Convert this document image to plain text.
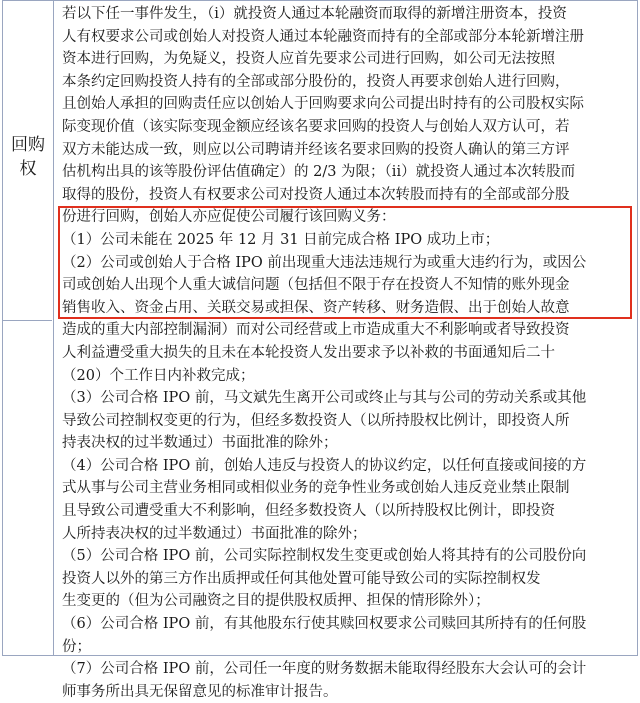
回购
权

若以下任一事件发生，（i）就投资人通过本轮融资而取得的新增注册资本，投资

人有权要求公司或创始人对投资人通过本轮融资而持有的全部或部分本轮新增注册

资本进行回购，为免疑义，投资人应首先要求公司进行回购，如公司无法按照

本条约定回购投资人持有的全部或部分股份的，投资人再要求创始人进行回购，

且创始人承担的回购责任应以创始人于回购要求向公司提出时持有的公司股权实际

际变现价值（该实际变现金额应经该名要求回购的投资人与创始人双方认可，若

双方未能达成一致，则应以公司聘请并经该名要求回购的投资人确认的第三方评

估机构出具的该等股份评估值确定）的 2/3 为限；（ii）就投资人通过本次转股而

取得的股份，投资人有权要求公司对投资人通过本次转股而持有的全部或部分股

份进行回购，创始人亦应促使公司履行该回购义务：

（1）公司未能在 2025 年 12 月 31 日前完成合格 IPO 成功上市；

（2）公司或创始人于合格 IPO 前出现重大违法违规行为或重大违约行为，或因公

司或创始人出现个人重大诚信问题（包括但不限于存在投资人不知情的账外现金

销售收入、资金占用、关联交易或担保、资产转移、财务造假、出于创始人故意

造成的重大内部控制漏洞）而对公司经营或上市造成重大不利影响或者导致投资

人利益遭受重大损失的且未在本轮投资人发出要求予以补救的书面通知后二十

（20）个工作日内补救完成；

（3）公司合格 IPO 前，马文斌先生离开公司或终止与其与公司的劳动关系或其他

导致公司控制权变更的行为，但经多数投资人（以所持股权比例计，即投资人所

持表决权的过半数通过）书面批准的除外；

（4）公司合格 IPO 前，创始人违反与投资人的协议约定，以任何直接或间接的方

式从事与公司主营业务相同或相似业务的竞争性业务或创始人违反竞业禁止限制

且导致公司遭受重大不利影响，但经多数投资人（以所持股权比例计，即投资

人所持表决权的过半数通过）书面批准的除外；

（5）公司合格 IPO 前，公司实际控制权发生变更或创始人将其持有的公司股份向

投资人以外的第三方作出质押或任何其他处置可能导致公司的实际控制权发

生变更的（但为公司融资之目的提供股权质押、担保的情形除外）；

（6）公司合格 IPO 前，有其他股东行使其赎回权要求公司赎回其所持有的任何股

份；

（7）公司合格 IPO 前，公司任一年度的财务数据未能取得经股东大会认可的会计

师事务所出具无保留意见的标准审计报告。
